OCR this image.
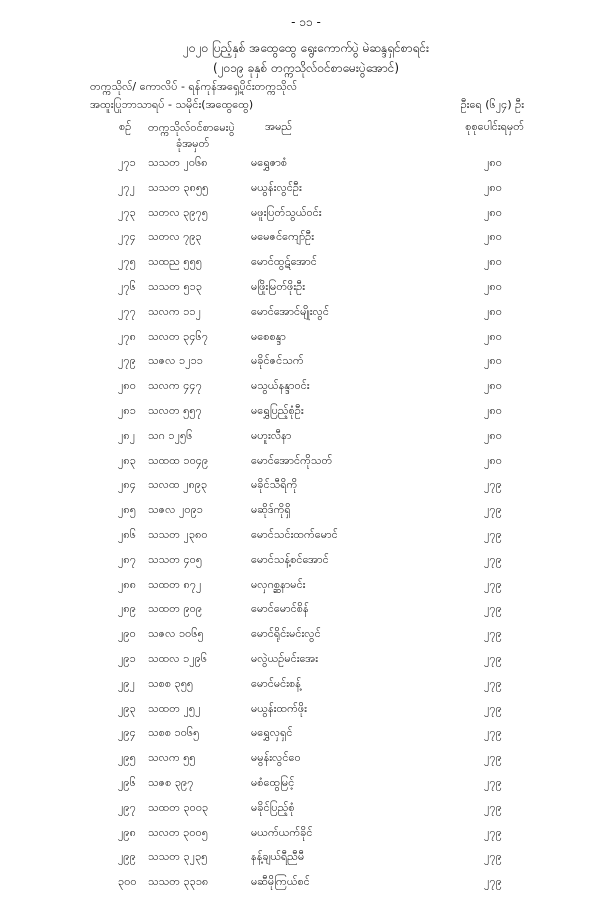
- ၁၁ -
၂၀၂၀ ပြည့်နှစ် အထွေထွေ ရွေးကောက်ပွဲ မဲဆန္ဒရှင်စာရင်း
(၂၀၁၉ ခုနှစ် တက္ကသိုလ်ဝင်စာမေးပွဲအောင်)
တက္ကသိုလ်/ ကောလိပ် - ရန်ကုန်အရှေ့ပိုင်းတက္ကသိုလ်
အထူးပြုဘာသာရပ် - သမိုင်း(အထွေထွေ)	ဦးရေ (၆၂၄) ဦး
စဉ် တက္ကသိုလ်ဝင်စာမေးပွဲ
ခုံအမှတ်
အမည်	စုစုပေါင်းရမှတ်
၂၇၁ သသတ ၂၀၆၈	မရွှေဇာစံ	၂၈၀
၂၇၂ သသတ ၃၈၅၅	မယွန်းလွင်ဦး	၂၈၀
၂၇၃ သတလ ၃၉၇၅	မဖူးပြတ်သွယ်ဝင်း	၂၈၀
၂၇၄ သတလ ၇၉၃	မမေဇင်ကျော်ဦး	၂၈၀
၂၇၅ သထည ၅၅၅	မောင်ထွဋ်အောင်	၂၈၀
၂၇၆ သသတ ၅၁၃	မဖြိုးမြတ်ဖိုးဦး	၂၈၀
၂၇၇ သလက ၁၁၂	မောင်အောင်မျိုးလွင်	၂၈၀
၂၇၈ သလတ ၃၄၆၇	မစေစန္ဒာ	၂၈၀
၂၇၉ သဇလ ၁၂၁၁	မခိုင်ဇင်သက်	၂၈၀
၂၈၀ သလက ၄၄၇	မသွယ်နန္ဒာဝင်း	၂၈၀
၂၈၁ သလတ ၅၅၇	မရွှေပြည့်စုံဦး	၂၈၀
၂၈၂ သဂ ၁၂၅၆	မဟူးလီနာ	၂၈၀
၂၈၃ သထထ ၁၀၄၉	မောင်အောင်ကိုသတ်	၂၈၀
၂၈၄ သလထ ၂၈၉၃	မခိုင်သီရိကို	၂၇၉
၂၈၅ သဇလ ၂၀၉၁	မဆိုဒ်ကိုရှိ	၂၇၉
၂၈၆ သသတ ၂၃၈၀	မောင်သင်းထက်မောင်	၂၇၉
၂၈၇ သသတ ၄၀၅	မောင်သန့်စင်အောင်	၂၇၉
၂၈၈ သထတ ၈၇၂	မလှဂစ္ဆနာမင်း	၂၇၉
၂၈၉ သထတ ၉၀၉	မောင်မောင်စိန်	၂၇၉
၂၉၀ သဇလ ၁၀၆၅	မောင်ရိုင်းမင်းလွင်	၂၇၉
၂၉၁ သထလ ၁၂၉၆	မလွဲယဉ်မင်းအေး	၂၇၉
၂၉၂ သစစ ၃၅၅	မောင်မင်းစန့်	၂၇၉
၂၉၃ သထတ ၂၅၂	မယွန်းထက်ဖိုး	၂၇၉
၂၉၄ သစစ ၁၀၆၅	မရွှေလှရှင်	၂၇၉
၂၉၅ သလက ၅၅	မမွန်းလွင်ဝေ	၂၇၉
၂၉၆ သဇစ ၃၉၇	မစံထွေမြင့်	၂၇၉
၂၉၇ သထတ ၃၀၀၃	မခိုင်ပြည့်စုံ	၂၇၉
၂၉၈ သလတ ၃၀၀၅	မယက်ယက်ခိုင်	၂၇၉
၂၉၉ သသတ ၃၂၃၅	နန့်ချယ်ရီညီမီ	၂၇၉
၃၀၀ သသတ ၃၃၁၈	မဆီမိုကြယ်စင်	၂၇၉
